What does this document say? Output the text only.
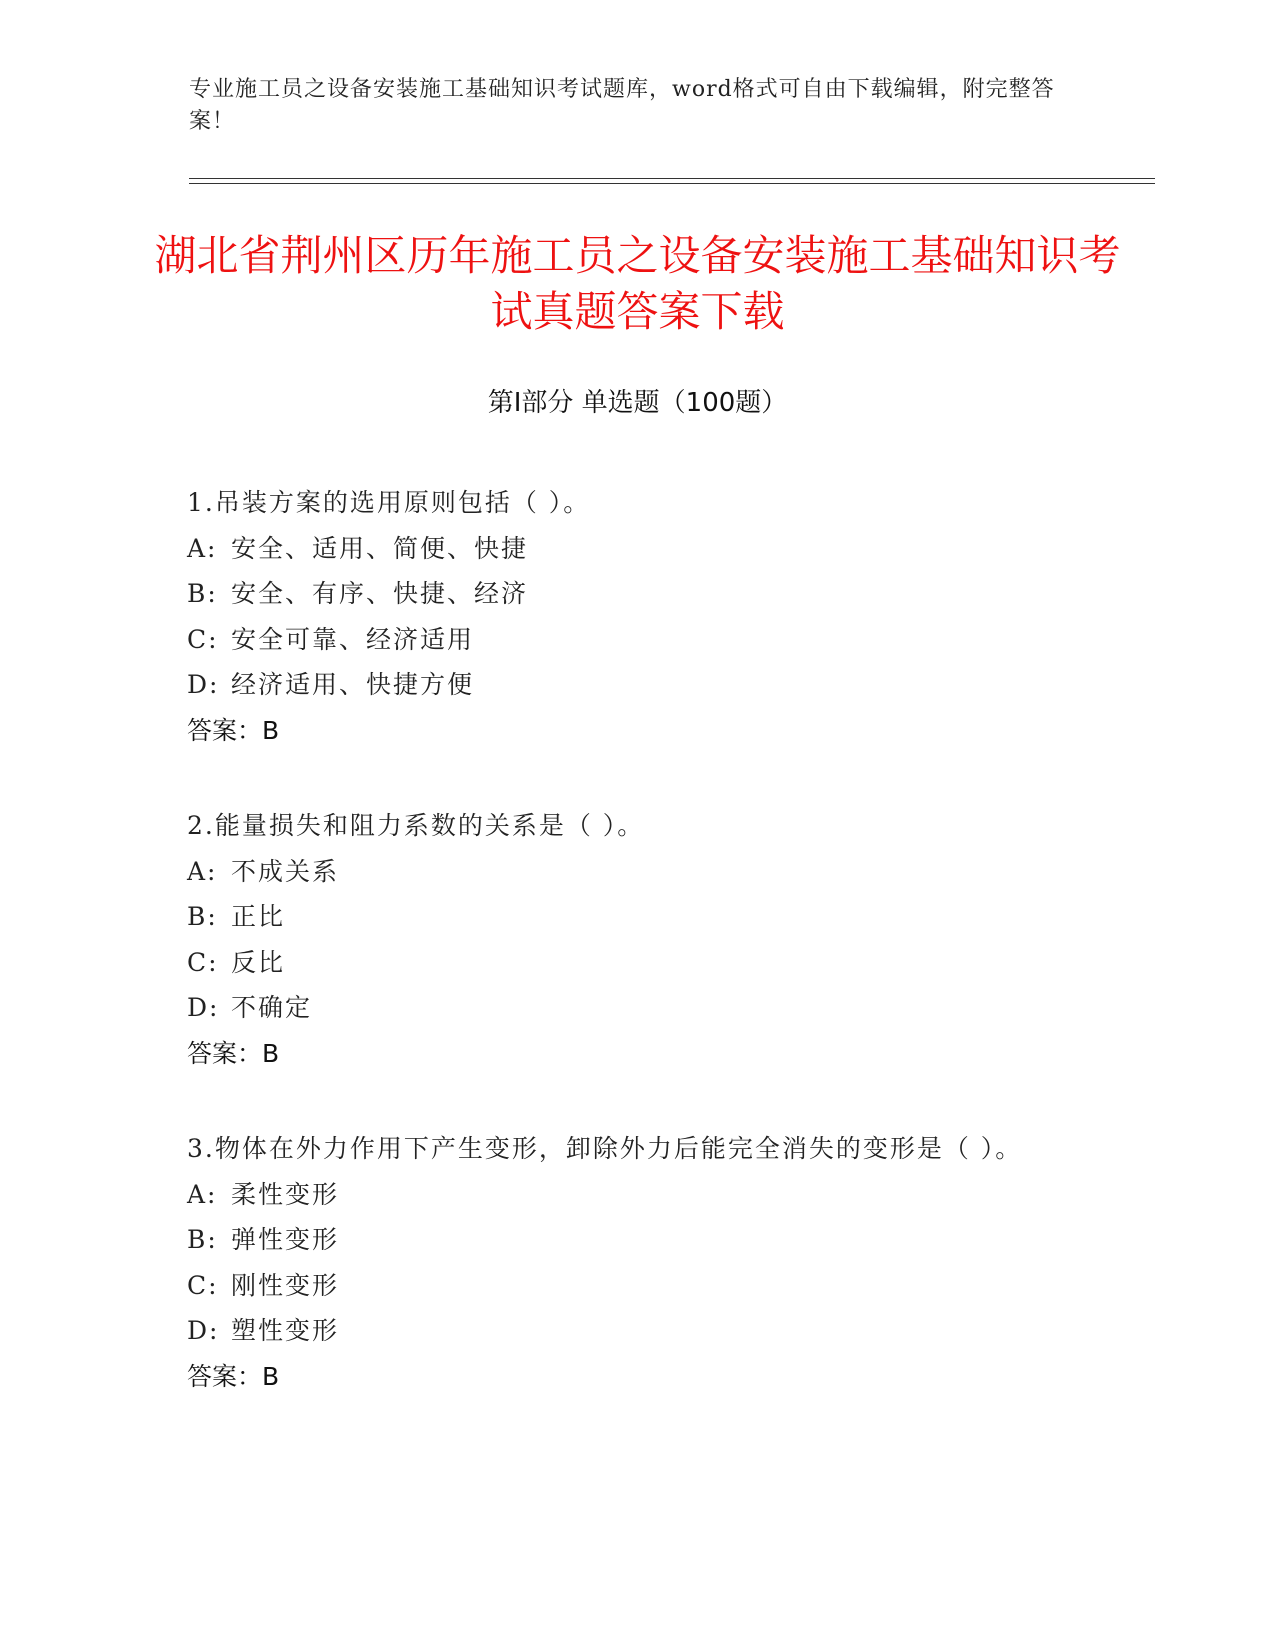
专业施工员之设备安装施工基础知识考试题库，word格式可自由下载编辑，附完整答案！
湖北省荆州区历年施工员之设备安装施工基础知识考试真题答案下载
第Ⅰ部分 单选题（100题）
1.吊装方案的选用原则包括（ ）。
A: 安全、适用、简便、快捷
B: 安全、有序、快捷、经济
C: 安全可靠、经济适用
D: 经济适用、快捷方便
答案：B
2.能量损失和阻力系数的关系是（ ）。
A: 不成关系
B: 正比
C: 反比
D: 不确定
答案：B
3.物体在外力作用下产生变形，卸除外力后能完全消失的变形是（ ）。
A: 柔性变形
B: 弹性变形
C: 刚性变形
D: 塑性变形
答案：B
